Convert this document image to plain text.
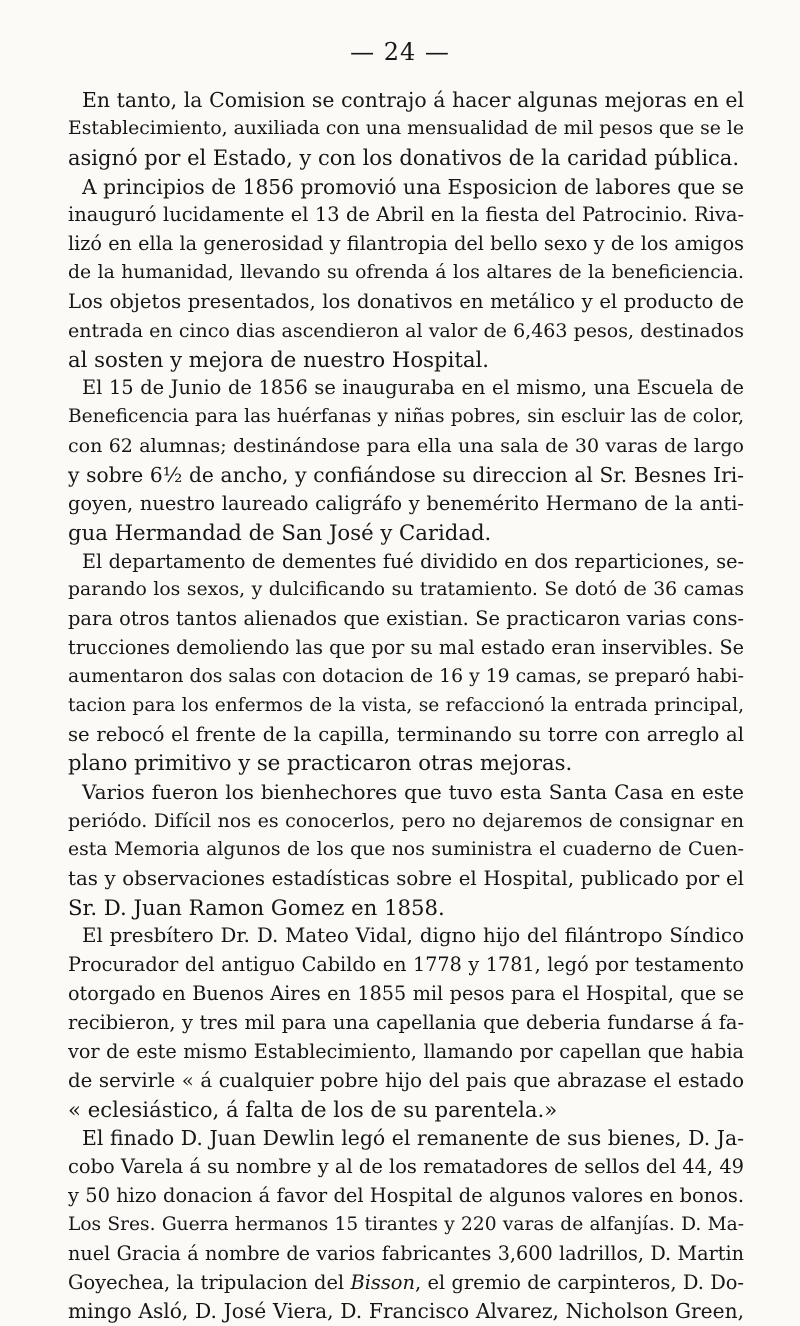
— 24 —
En tanto, la Comision se contrajo á hacer algunas mejoras en el
Establecimiento, auxiliada con una mensualidad de mil pesos que se le
asignó por el Estado, y con los donativos de la caridad pública.
A principios de 1856 promovió una Esposicion de labores que se
inauguró lucidamente el 13 de Abril en la fiesta del Patrocinio. Riva-
lizó en ella la generosidad y filantropia del bello sexo y de los amigos
de la humanidad, llevando su ofrenda á los altares de la beneficiencia.
Los objetos presentados, los donativos en metálico y el producto de
entrada en cinco dias ascendieron al valor de 6,463 pesos, destinados
al sosten y mejora de nuestro Hospital.
El 15 de Junio de 1856 se inauguraba en el mismo, una Escuela de
Beneficencia para las huérfanas y niñas pobres, sin escluir las de color,
con 62 alumnas; destinándose para ella una sala de 30 varas de largo
y sobre 6½ de ancho, y confiándose su direccion al Sr. Besnes Iri-
goyen, nuestro laureado caligráfo y benemérito Hermano de la anti-
gua Hermandad de San José y Caridad.
El departamento de dementes fué dividido en dos reparticiones, se-
parando los sexos, y dulcificando su tratamiento. Se dotó de 36 camas
para otros tantos alienados que existian. Se practicaron varias cons-
trucciones demoliendo las que por su mal estado eran inservibles. Se
aumentaron dos salas con dotacion de 16 y 19 camas, se preparó habi-
tacion para los enfermos de la vista, se refaccionó la entrada principal,
se rebocó el frente de la capilla, terminando su torre con arreglo al
plano primitivo y se practicaron otras mejoras.
Varios fueron los bienhechores que tuvo esta Santa Casa en este
periódo. Difícil nos es conocerlos, pero no dejaremos de consignar en
esta Memoria algunos de los que nos suministra el cuaderno de Cuen-
tas y observaciones estadísticas sobre el Hospital, publicado por el
Sr. D. Juan Ramon Gomez en 1858.
El presbítero Dr. D. Mateo Vidal, digno hijo del filántropo Síndico
Procurador del antiguo Cabildo en 1778 y 1781, legó por testamento
otorgado en Buenos Aires en 1855 mil pesos para el Hospital, que se
recibieron, y tres mil para una capellania que deberia fundarse á fa-
vor de este mismo Establecimiento, llamando por capellan que habia
de servirle « á cualquier pobre hijo del pais que abrazase el estado
« eclesiástico, á falta de los de su parentela.»
El finado D. Juan Dewlin legó el remanente de sus bienes, D. Ja-
cobo Varela á su nombre y al de los rematadores de sellos del 44, 49
y 50 hizo donacion á favor del Hospital de algunos valores en bonos.
Los Sres. Guerra hermanos 15 tirantes y 220 varas de alfanjías. D. Ma-
nuel Gracia á nombre de varios fabricantes 3,600 ladrillos, D. Martin
Goyechea, la tripulacion del Bisson, el gremio de carpinteros, D. Do-
mingo Asló, D. José Viera, D. Francisco Alvarez, Nicholson Green,
